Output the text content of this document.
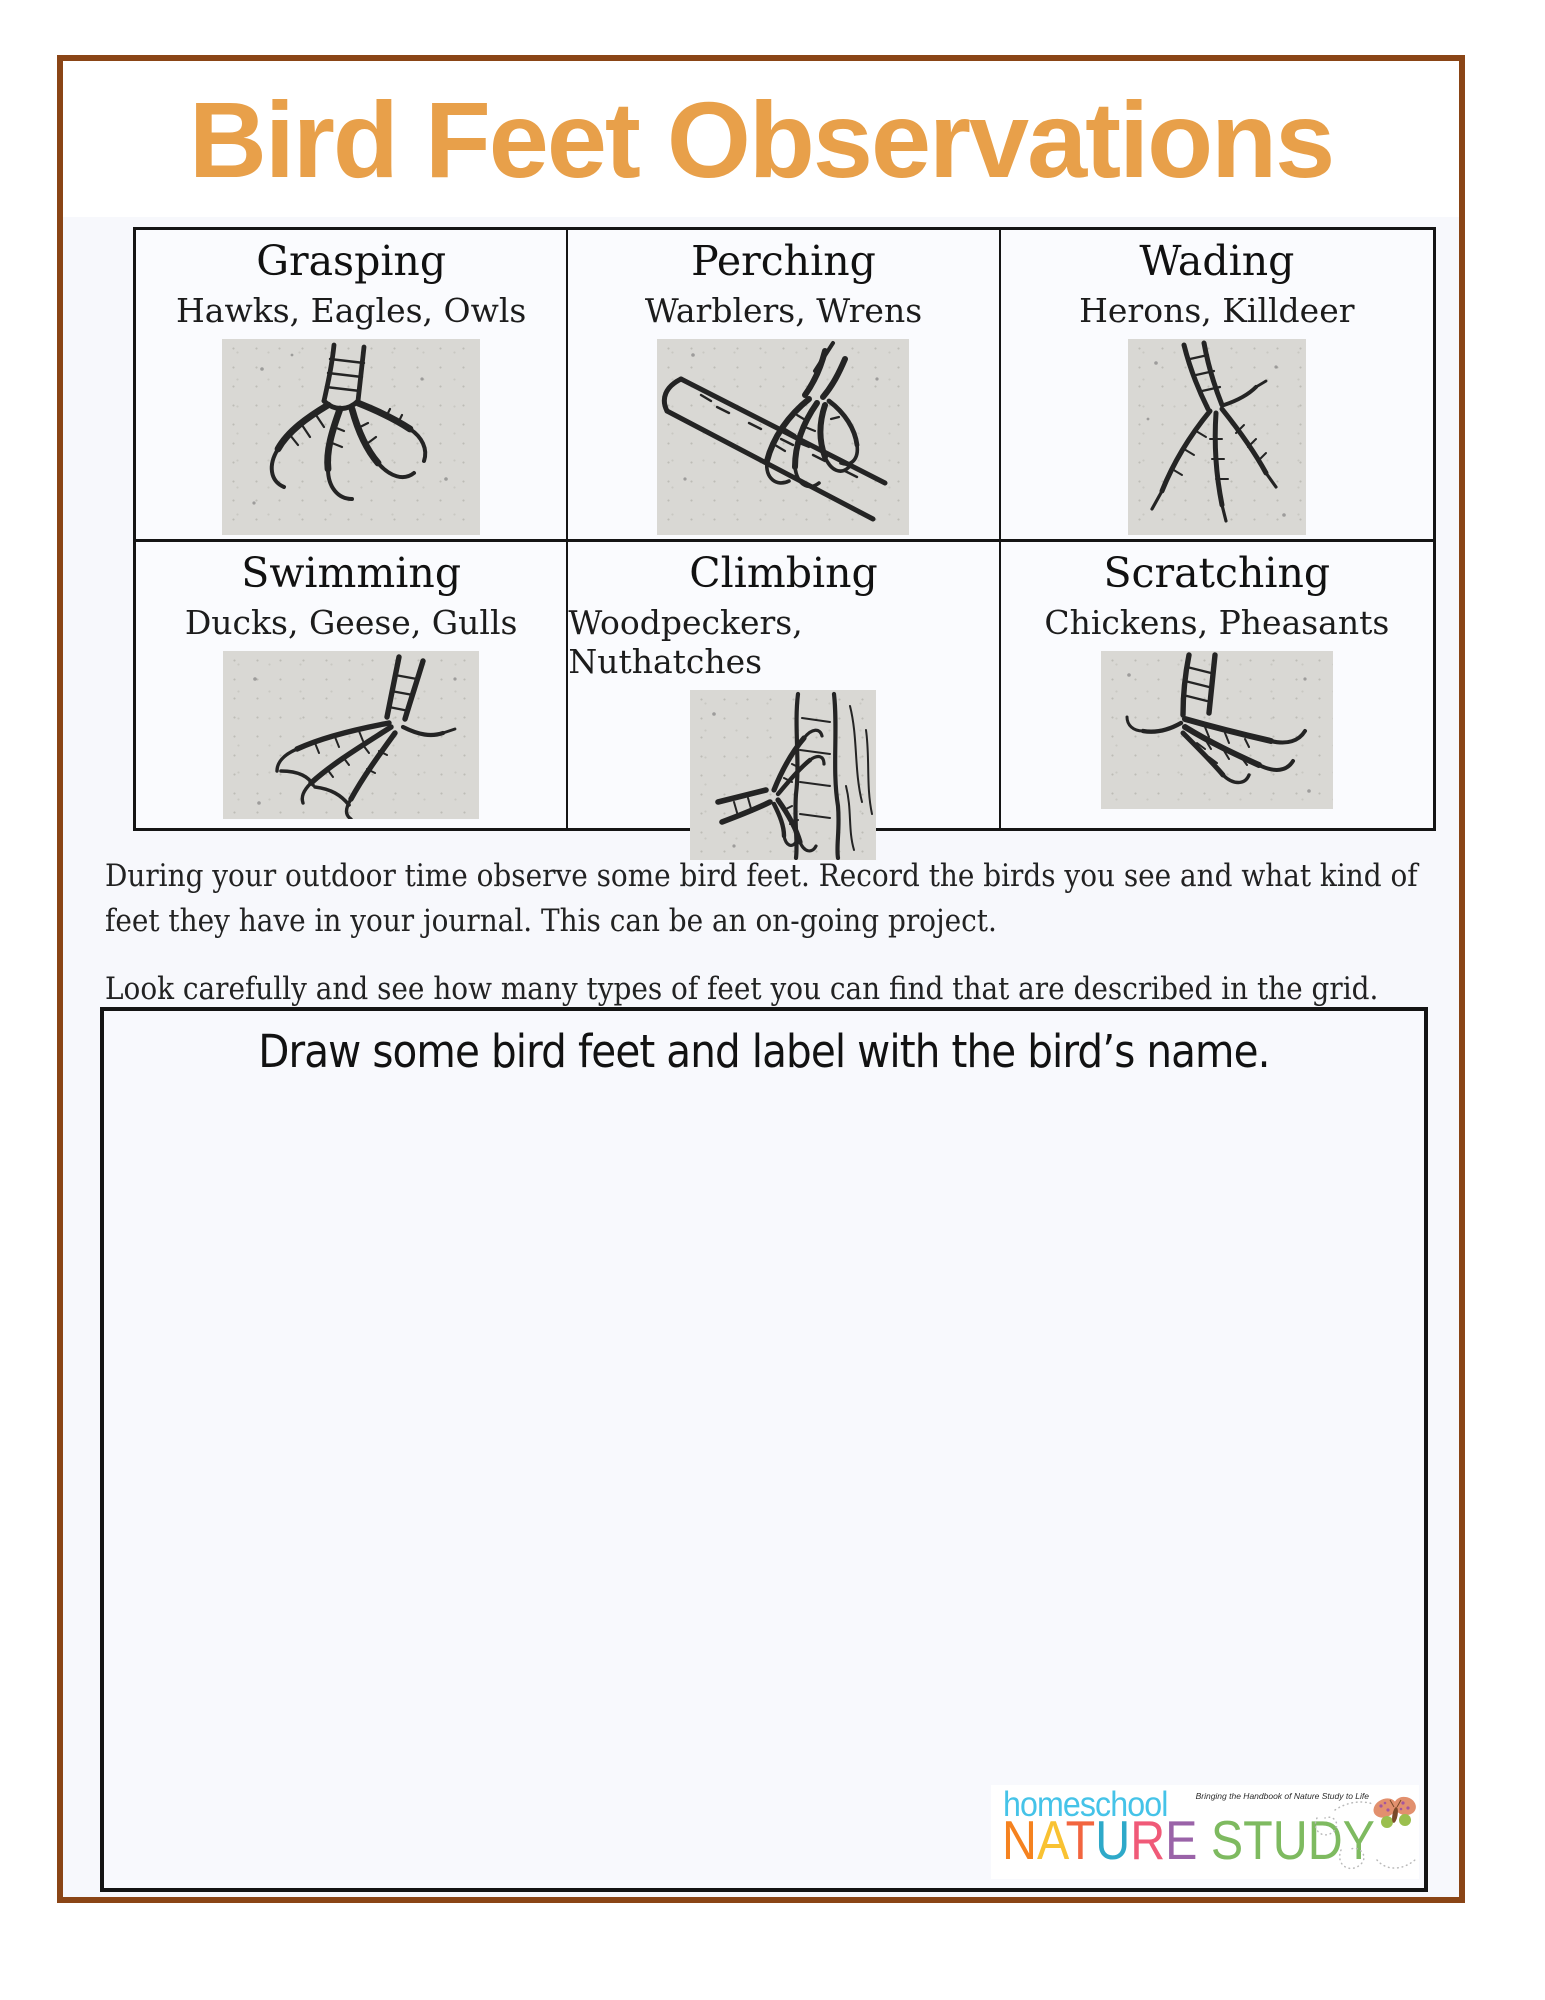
Bird Feet Observations
Grasping
Hawks, Eagles, Owls
Perching
Warblers, Wrens
Wading
Herons, Killdeer
Swimming
Ducks, Geese, Gulls
Climbing
Woodpeckers, Nuthatches
Scratching
Chickens, Pheasants
During your outdoor time observe some bird feet. Record the birds you see and what kind of feet they have in your journal. This can be an on-going project.
Look carefully and see how many types of feet you can find that are described in the grid.
Draw some bird feet and label with the bird’s name.
homeschool
NATURE STUDY
Bringing the Handbook of Nature Study to Life
